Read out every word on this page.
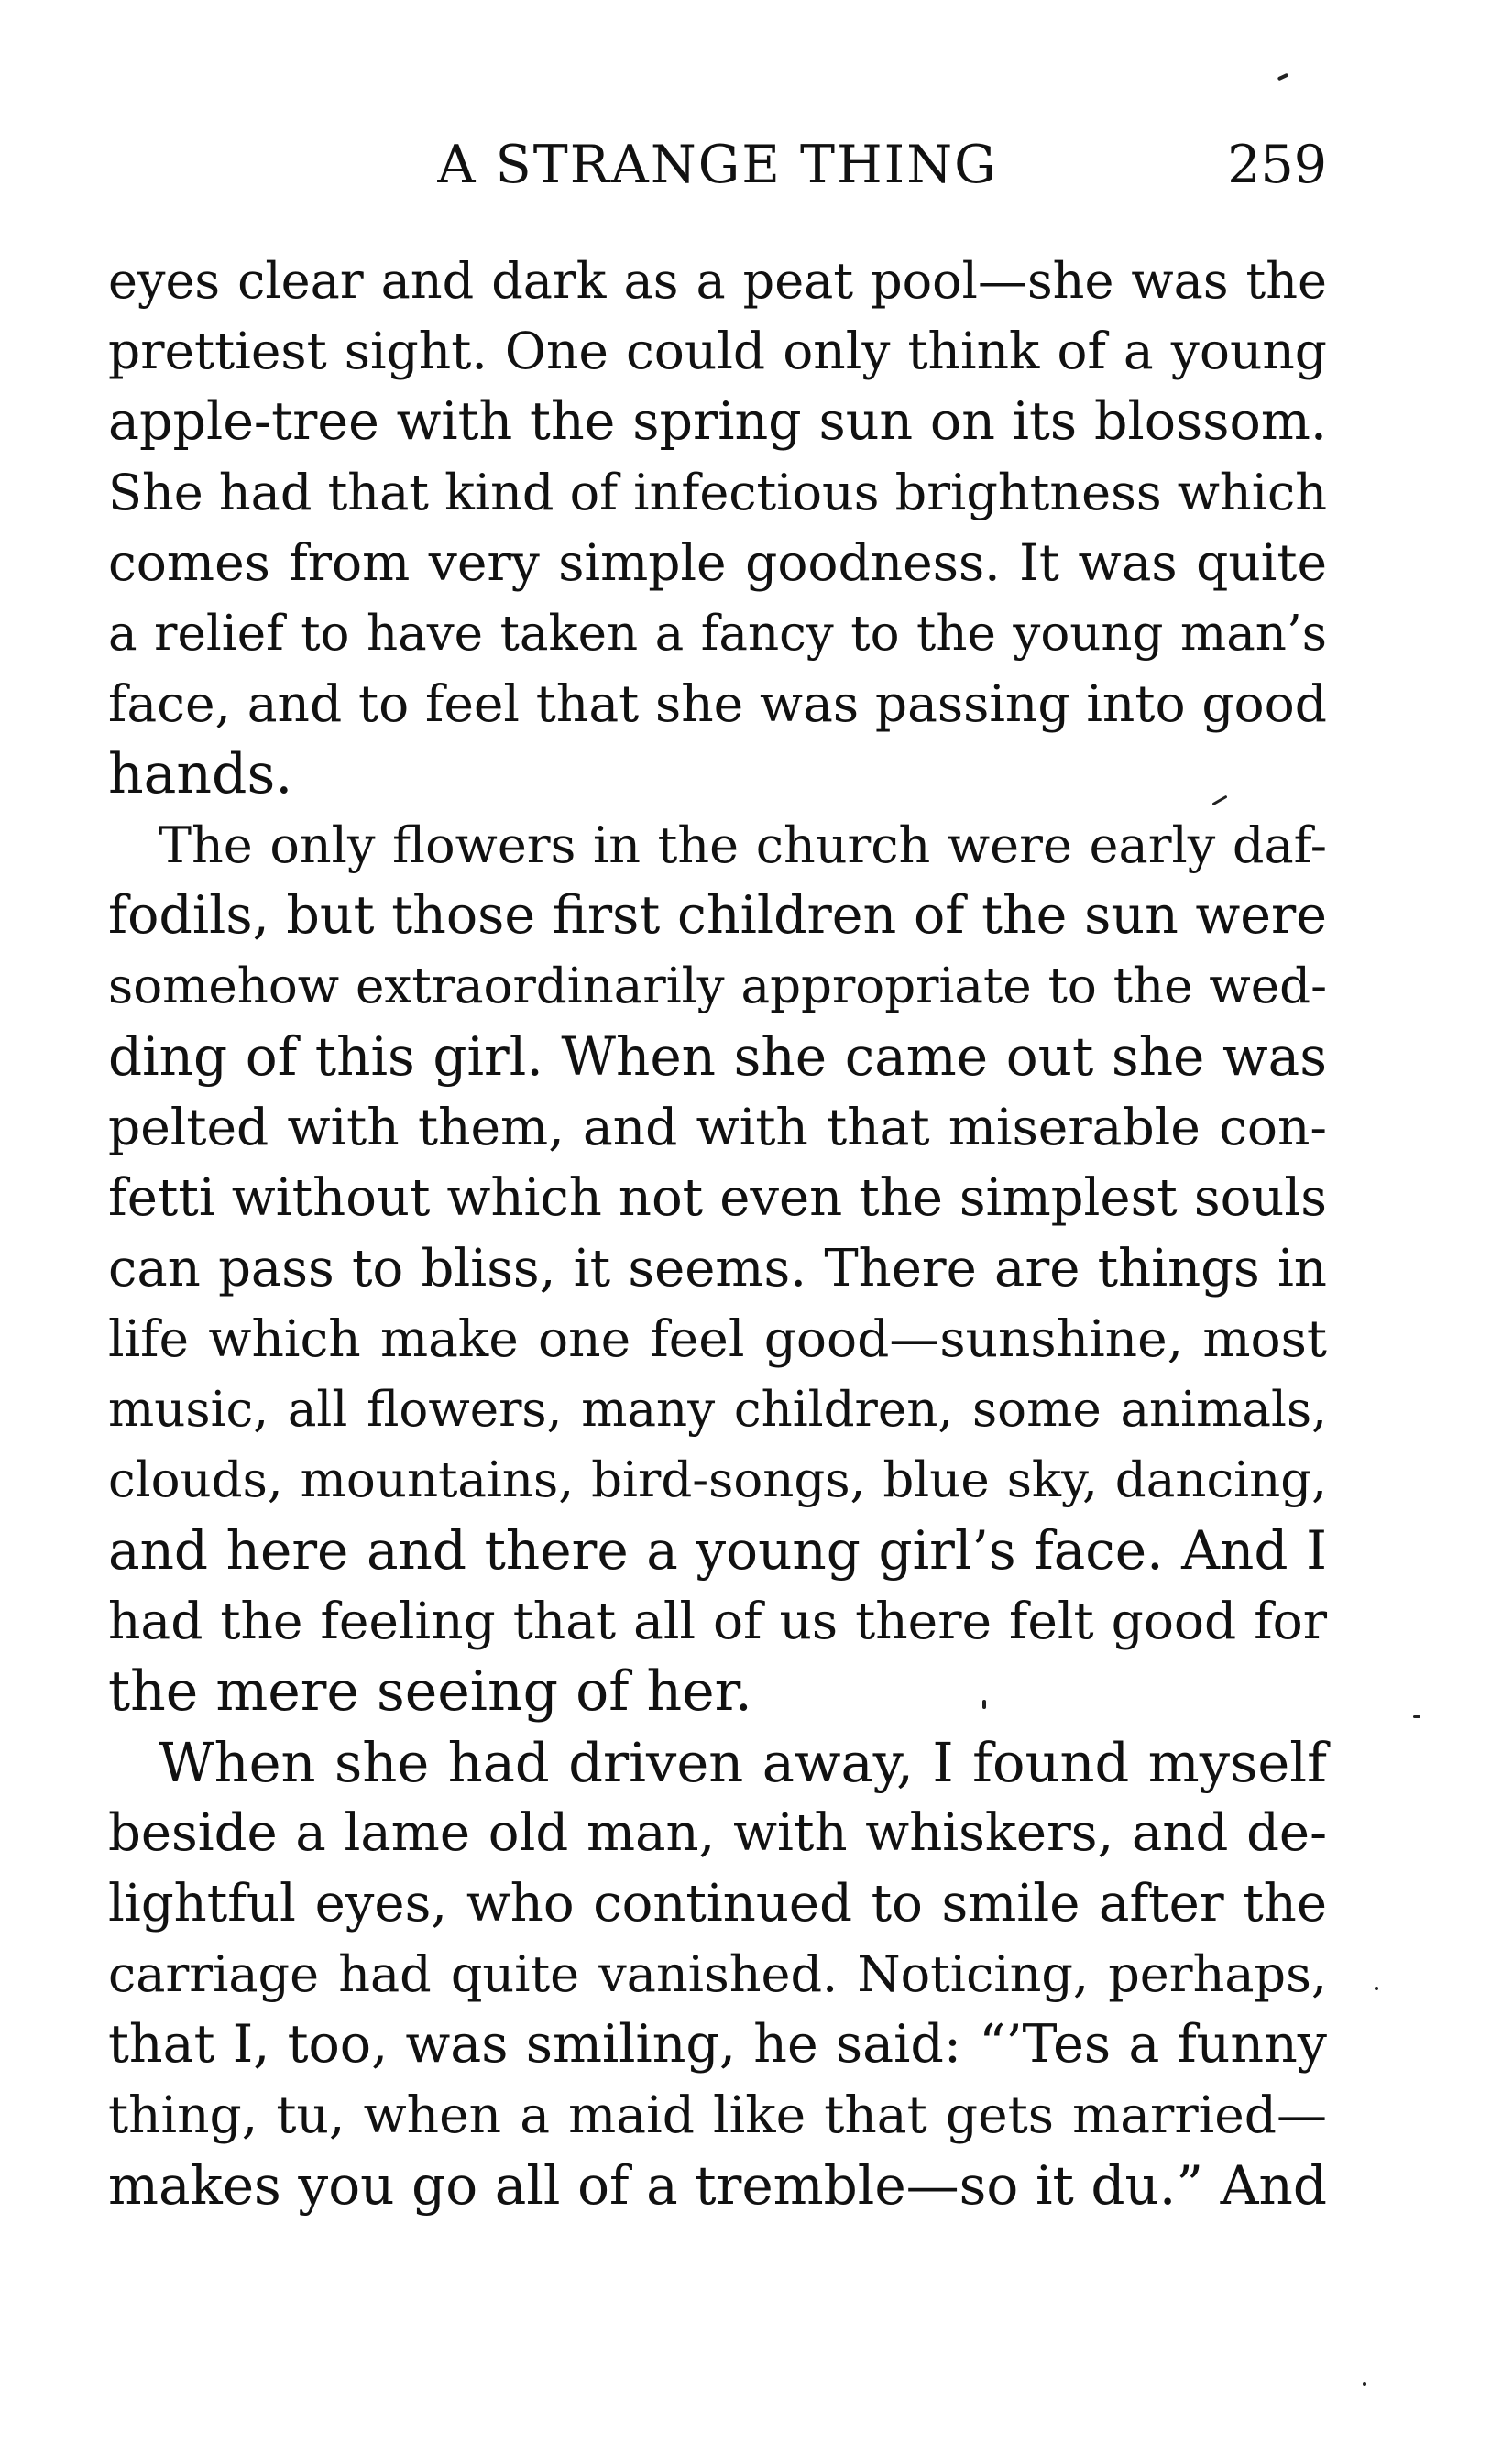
A STRANGE THING	259
eyes clear and dark as a peat pool—she was the
prettiest sight. One could only think of a young
apple-tree with the spring sun on its blossom.
She had that kind of infectious brightness which
comes from very simple goodness. It was quite
a relief to have taken a fancy to the young man’s
face, and to feel that she was passing into good
hands.
The only flowers in the church were early daf-
fodils, but those first children of the sun were
somehow extraordinarily appropriate to the wed-
ding of this girl. When she came out she was
pelted with them, and with that miserable con-
fetti without which not even the simplest souls
can pass to bliss, it seems. There are things in
life which make one feel good—sunshine, most
music, all flowers, many children, some animals,
clouds, mountains, bird-songs, blue sky, dancing,
and here and there a young girl’s face. And I
had the feeling that all of us there felt good for
the mere seeing of her.
When she had driven away, I found myself
beside a lame old man, with whiskers, and de-
lightful eyes, who continued to smile after the
carriage had quite vanished. Noticing, perhaps,
that I, too, was smiling, he said: “’Tes a funny
thing, tu, when a maid like that gets married—
makes you go all of a tremble—so it du.” And
